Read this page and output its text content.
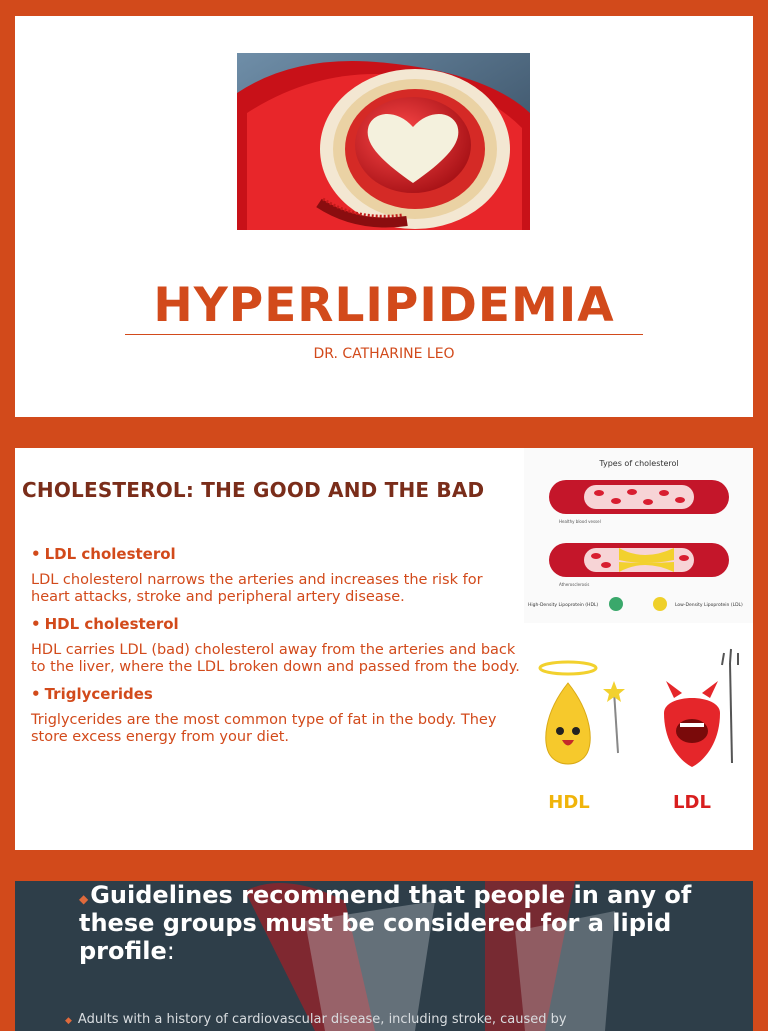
HYPERLIPIDEMIA
DR. CATHARINE LEO
CHOLESTEROL: THE GOOD AND THE BAD

• LDL cholesterol

LDL cholesterol narrows the arteries and increases the risk for heart attacks, stroke and peripheral artery disease.

• HDL cholesterol

HDL carries LDL (bad) cholesterol away from the arteries and back to the liver, where the LDL broken down and passed from the body.

• Triglycerides

Triglycerides are the most common type of fat in the body. They store excess energy from your diet.

Types of cholesterol
Healthy blood vessel
Atherosclerosis
High-Density Lipoprotein (HDL)	Low-Density Lipoprotein (LDL)
HDL	LDL
◆Guidelines recommend that people in any of these groups must be considered for a lipid profile:
◆ Adults with a history of cardiovascular disease, including stroke, caused by
